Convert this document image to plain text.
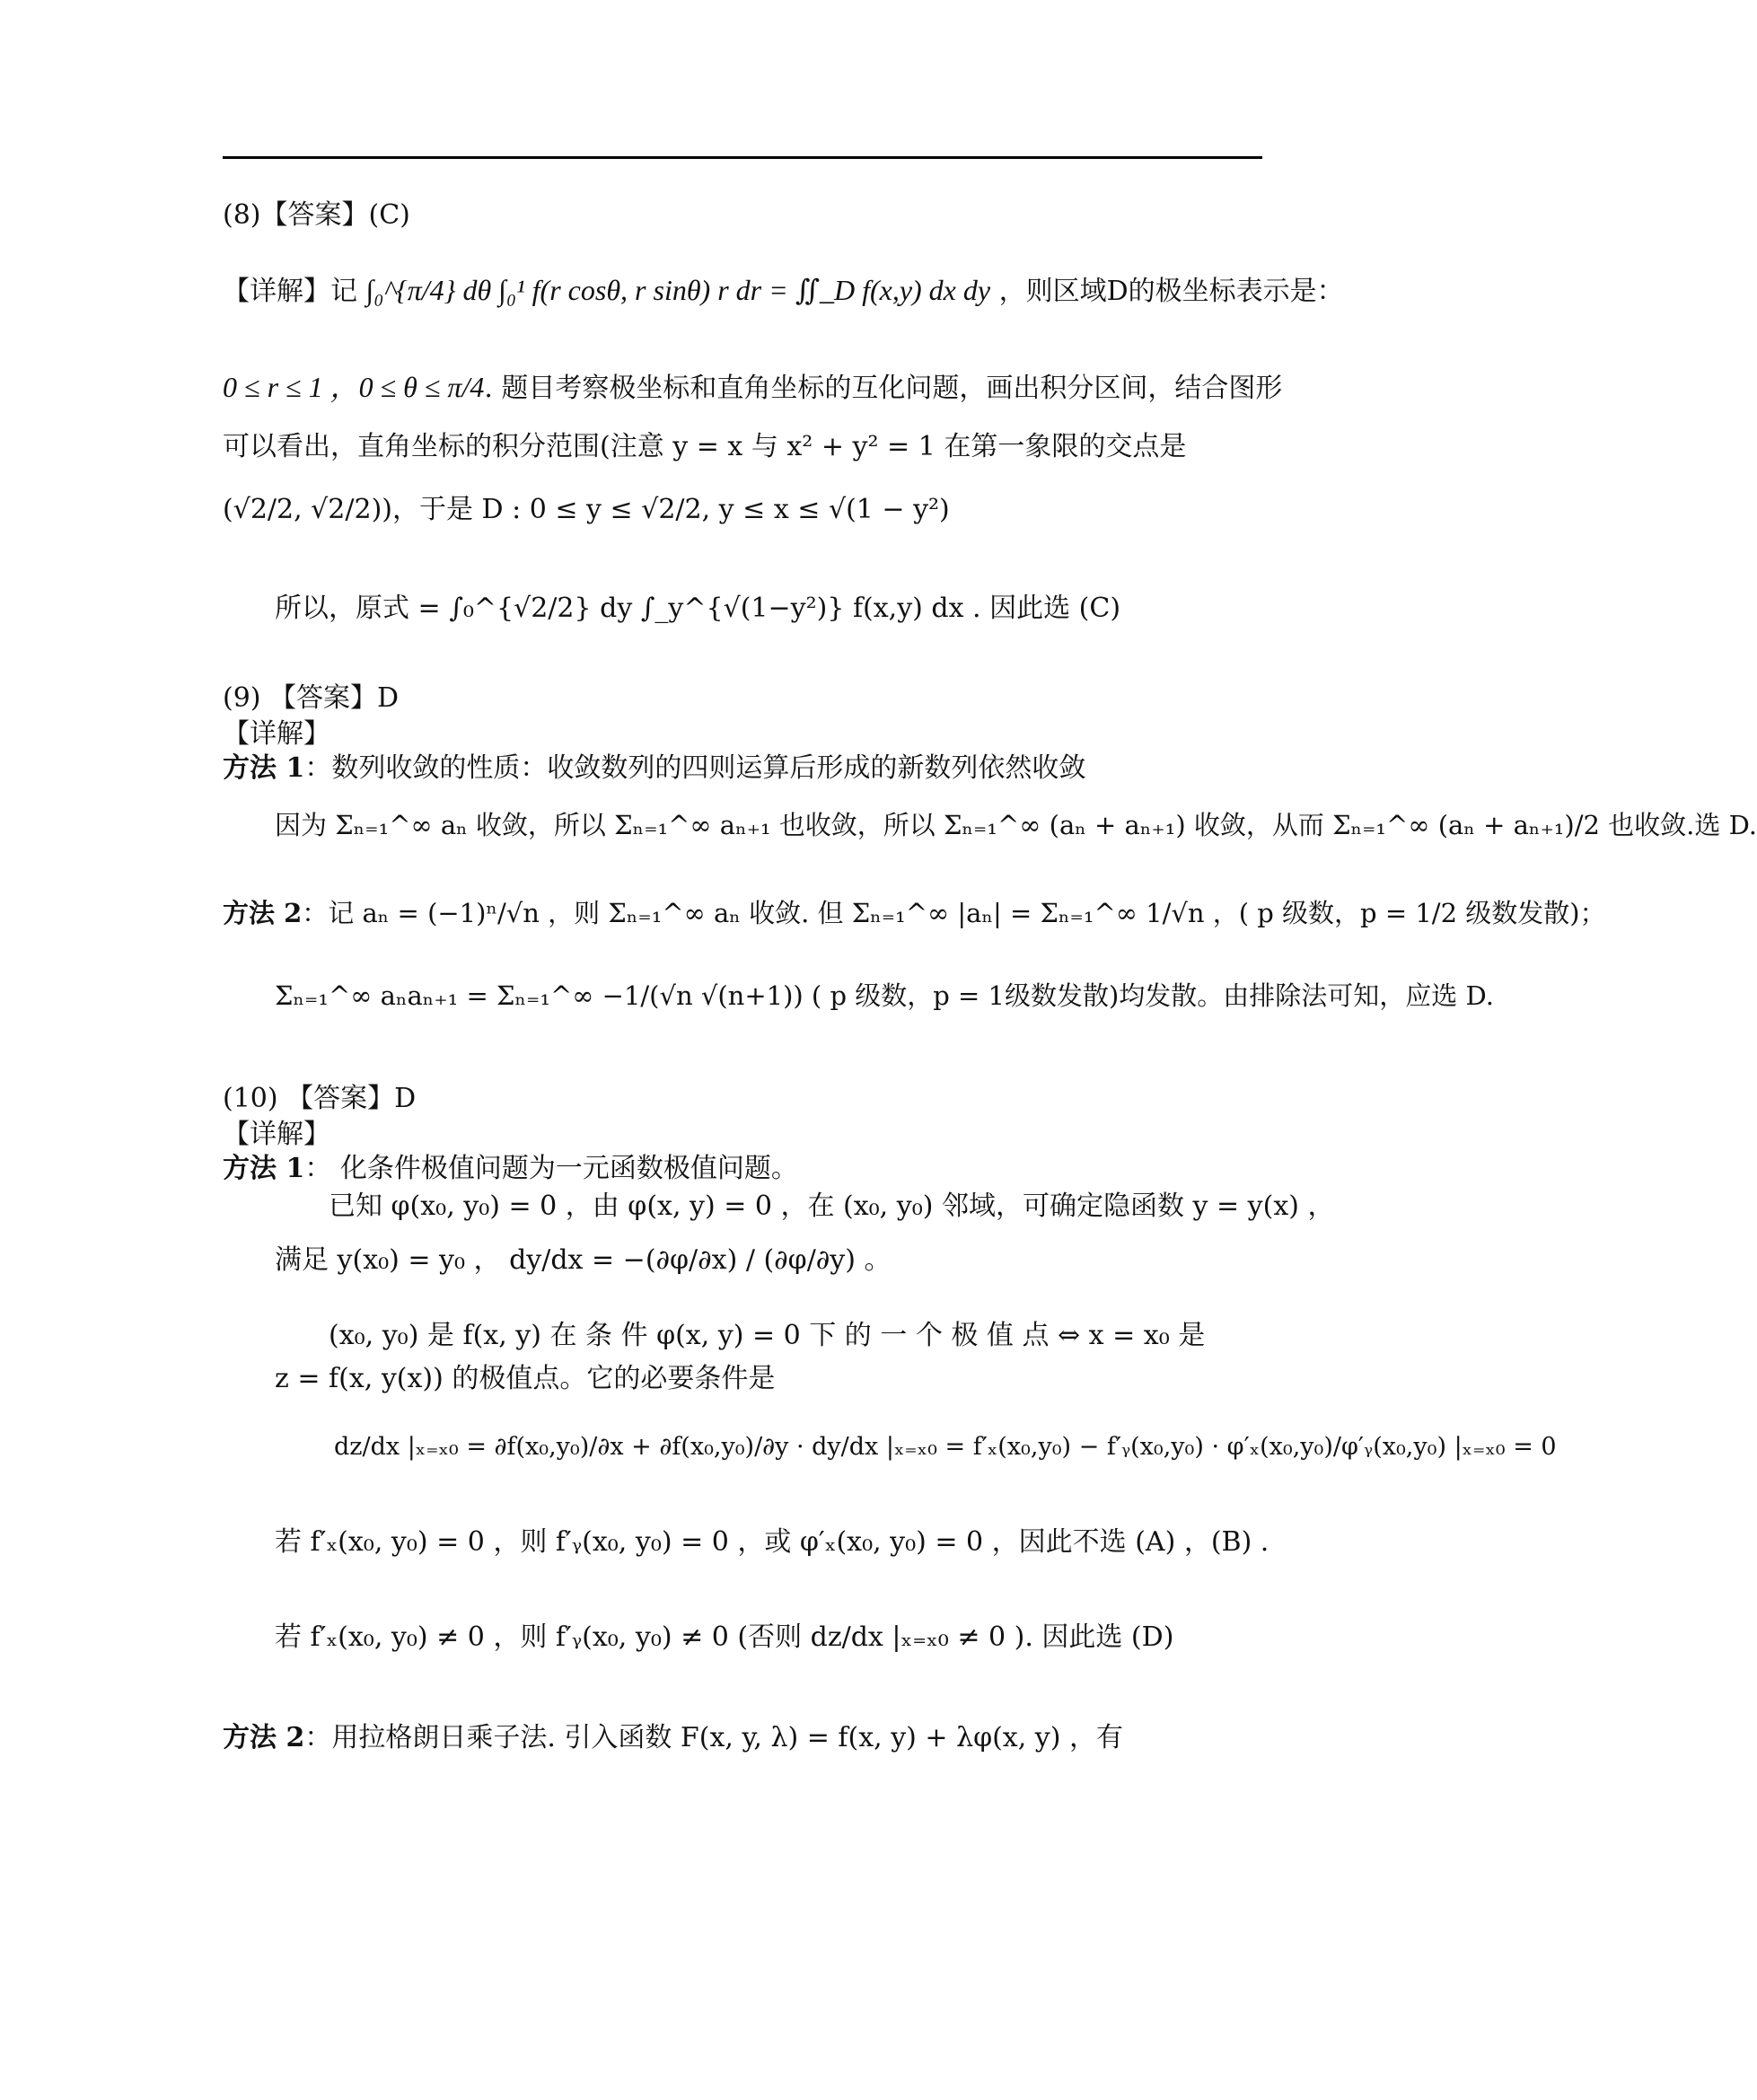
(8)【答案】(C)
【详解】记 ∫₀^{π/4} dθ ∫₀¹ f(r cosθ, r sinθ) r dr = ∬_D f(x,y) dx dy ，则区域D的极坐标表示是：
0 ≤ r ≤ 1 ，0 ≤ θ ≤ π/4. 题目考察极坐标和直角坐标的互化问题，画出积分区间，结合图形
可以看出，直角坐标的积分范围(注意 y = x 与 x² + y² = 1 在第一象限的交点是
(√2/2, √2/2))，于是 D : 0 ≤ y ≤ √2/2, y ≤ x ≤ √(1 − y²)
所以，原式 = ∫₀^{√2/2} dy ∫_y^{√(1−y²)} f(x,y) dx . 因此选 (C)
(9) 【答案】D
【详解】
方法 1：数列收敛的性质：收敛数列的四则运算后形成的新数列依然收敛
因为 Σₙ₌₁^∞ aₙ 收敛，所以 Σₙ₌₁^∞ aₙ₊₁ 也收敛，所以 Σₙ₌₁^∞ (aₙ + aₙ₊₁) 收敛，从而 Σₙ₌₁^∞ (aₙ + aₙ₊₁)/2 也收敛.选 D.
方法 2：记 aₙ = (−1)ⁿ/√n ，则 Σₙ₌₁^∞ aₙ 收敛. 但 Σₙ₌₁^∞ |aₙ| = Σₙ₌₁^∞ 1/√n ，( p 级数，p = 1/2 级数发散)；
Σₙ₌₁^∞ aₙaₙ₊₁ = Σₙ₌₁^∞ −1/(√n √(n+1)) ( p 级数，p = 1级数发散)均发散。由排除法可知，应选 D.
(10) 【答案】D
【详解】
方法 1： 化条件极值问题为一元函数极值问题。
已知 φ(x₀, y₀) = 0 ，由 φ(x, y) = 0 ，在 (x₀, y₀) 邻域，可确定隐函数 y = y(x) ，
满足 y(x₀) = y₀ ， dy/dx = −(∂φ/∂x) / (∂φ/∂y) 。
(x₀, y₀) 是 f(x, y) 在 条 件 φ(x, y) = 0 下 的 一 个 极 值 点 ⇔ x = x₀ 是
z = f(x, y(x)) 的极值点。它的必要条件是
dz/dx |ₓ₌ₓ₀ = ∂f(x₀,y₀)/∂x + ∂f(x₀,y₀)/∂y · dy/dx |ₓ₌ₓ₀ = f′ₓ(x₀,y₀) − f′ᵧ(x₀,y₀) · φ′ₓ(x₀,y₀)/φ′ᵧ(x₀,y₀) |ₓ₌ₓ₀ = 0
若 f′ₓ(x₀, y₀) = 0 ，则 f′ᵧ(x₀, y₀) = 0 ，或 φ′ₓ(x₀, y₀) = 0 ，因此不选 (A) ，(B) .
若 f′ₓ(x₀, y₀) ≠ 0 ，则 f′ᵧ(x₀, y₀) ≠ 0 (否则 dz/dx |ₓ₌ₓ₀ ≠ 0 ). 因此选 (D)
方法 2：用拉格朗日乘子法. 引入函数 F(x, y, λ) = f(x, y) + λφ(x, y) ，有
